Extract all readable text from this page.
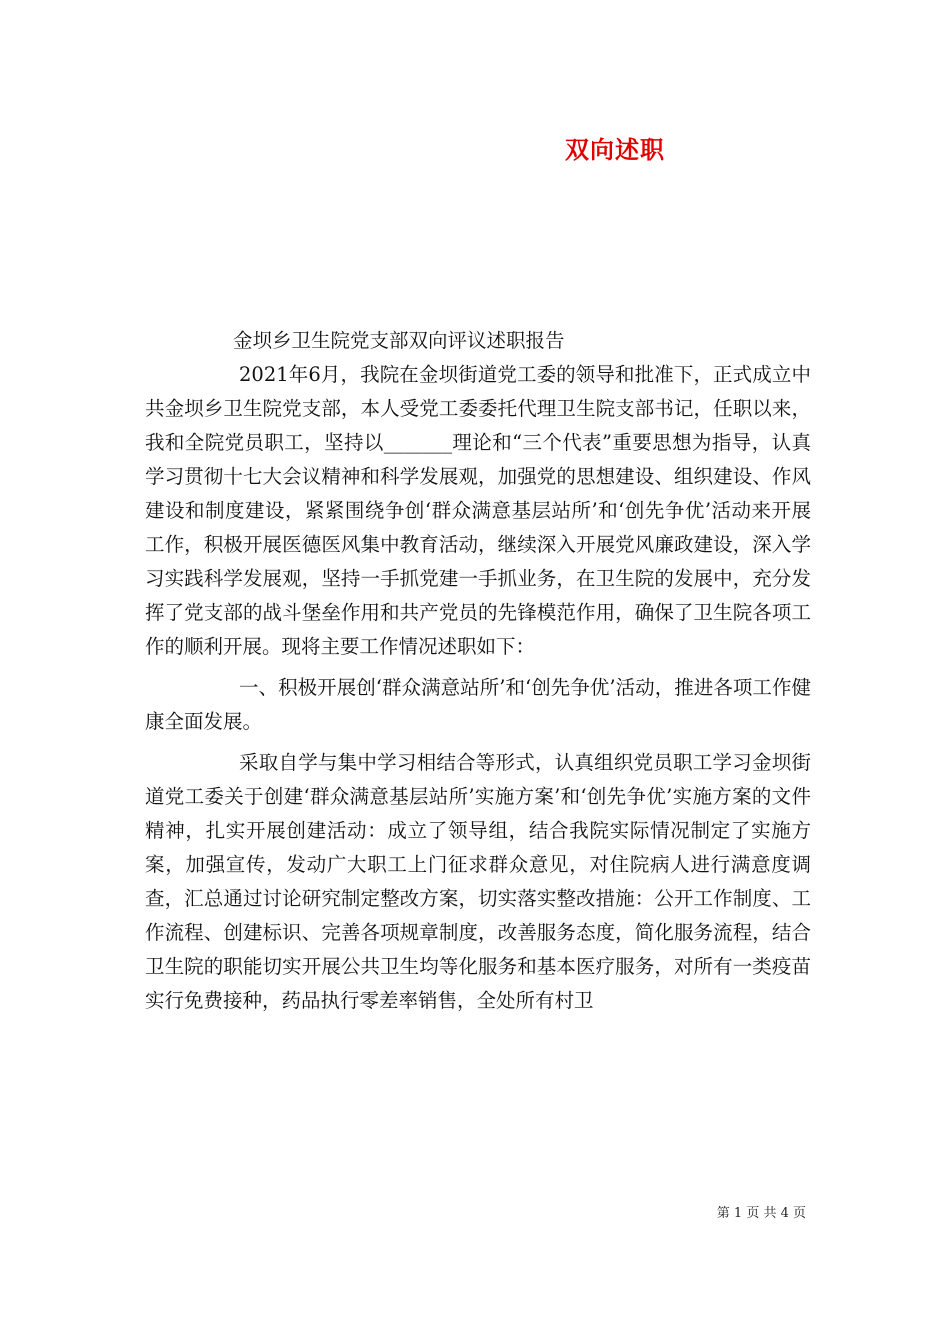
双向述职

金坝乡卫生院党支部双向评议述职报告

2021年6月，我院在金坝街道党工委的领导和批准下，正式成立中共金坝乡卫生院党支部，本人受党工委委托代理卫生院支部书记，任职以来，我和全院党员职工，坚持以_______理论和“三个代表”重要思想为指导，认真学习贯彻十七大会议精神和科学发展观，加强党的思想建设、组织建设、作风建设和制度建设，紧紧围绕争创‘群众满意基层站所’和‘创先争优’活动来开展工作，积极开展医德医风集中教育活动，继续深入开展党风廉政建设，深入学习实践科学发展观，坚持一手抓党建一手抓业务，在卫生院的发展中，充分发挥了党支部的战斗堡垒作用和共产党员的先锋模范作用，确保了卫生院各项工作的顺利开展。现将主要工作情况述职如下：

一、积极开展创‘群众满意站所’和‘创先争优’活动，推进各项工作健康全面发展。

采取自学与集中学习相结合等形式，认真组织党员职工学习金坝街道党工委关于创建‘群众满意基层站所’实施方案’和‘创先争优’实施方案的文件精神，扎实开展创建活动：成立了领导组，结合我院实际情况制定了实施方案，加强宣传，发动广大职工上门征求群众意见，对住院病人进行满意度调查，汇总通过讨论研究制定整改方案，切实落实整改措施：公开工作制度、工作流程、创建标识、完善各项规章制度，改善服务态度，简化服务流程，结合卫生院的职能切实开展公共卫生均等化服务和基本医疗服务，对所有一类疫苗实行免费接种，药品执行零差率销售，全处所有村卫

第 1 页 共 4 页
